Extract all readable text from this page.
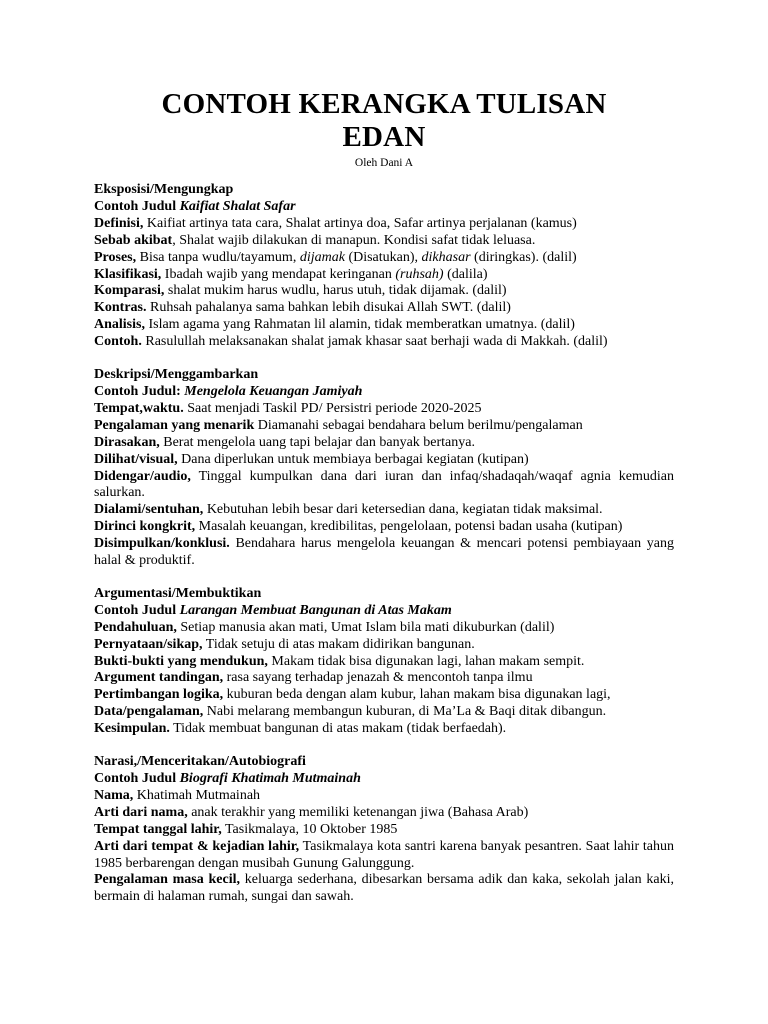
CONTOH KERANGKA TULISAN
EDAN
Oleh Dani A
Eksposisi/Mengungkap
Contoh Judul Kaifiat Shalat Safar
Definisi, Kaifiat artinya tata cara, Shalat artinya doa, Safar artinya perjalanan (kamus)
Sebab akibat, Shalat wajib dilakukan di manapun. Kondisi safat tidak leluasa.
Proses, Bisa tanpa wudlu/tayamum, dijamak (Disatukan), dikhasar (diringkas). (dalil)
Klasifikasi, Ibadah wajib yang mendapat keringanan (ruhsah) (dalila)
Komparasi, shalat mukim harus wudlu, harus utuh, tidak dijamak. (dalil)
Kontras. Ruhsah pahalanya sama bahkan lebih disukai Allah SWT. (dalil)
Analisis, Islam agama yang Rahmatan lil alamin, tidak memberatkan umatnya. (dalil)
Contoh. Rasulullah melaksanakan shalat jamak khasar saat berhaji wada di Makkah. (dalil)
Deskripsi/Menggambarkan
Contoh Judul: Mengelola Keuangan Jamiyah
Tempat,waktu. Saat menjadi Taskil PD/ Persistri periode 2020-2025
Pengalaman yang menarik Diamanahi sebagai bendahara belum berilmu/pengalaman
Dirasakan, Berat mengelola uang tapi belajar dan banyak bertanya.
Dilihat/visual, Dana diperlukan untuk membiaya berbagai kegiatan (kutipan)
Didengar/audio, Tinggal kumpulkan dana dari iuran dan infaq/shadaqah/waqaf agnia kemudian salurkan.
Dialami/sentuhan, Kebutuhan lebih besar dari ketersedian dana, kegiatan tidak maksimal.
Dirinci kongkrit, Masalah keuangan, kredibilitas, pengelolaan, potensi badan usaha (kutipan)
Disimpulkan/konklusi. Bendahara harus mengelola keuangan & mencari potensi pembiayaan yang halal & produktif.
Argumentasi/Membuktikan
Contoh Judul Larangan Membuat Bangunan di Atas Makam
Pendahuluan, Setiap manusia akan mati, Umat Islam bila mati dikuburkan (dalil)
Pernyataan/sikap, Tidak setuju di atas makam didirikan bangunan.
Bukti-bukti yang mendukun, Makam tidak bisa digunakan lagi, lahan makam sempit.
Argument tandingan, rasa sayang terhadap jenazah & mencontoh tanpa ilmu
Pertimbangan logika, kuburan beda dengan alam kubur, lahan makam bisa digunakan lagi,
Data/pengalaman, Nabi melarang membangun kuburan, di Ma’La & Baqi ditak dibangun.
Kesimpulan. Tidak membuat bangunan di atas makam (tidak berfaedah).
Narasi,/Menceritakan/Autobiografi
Contoh Judul Biografi Khatimah Mutmainah
Nama, Khatimah Mutmainah
Arti dari nama, anak terakhir yang memiliki ketenangan jiwa (Bahasa Arab)
Tempat tanggal lahir, Tasikmalaya, 10 Oktober 1985
Arti dari tempat & kejadian lahir, Tasikmalaya kota santri karena banyak pesantren. Saat lahir tahun 1985 berbarengan dengan musibah Gunung Galunggung.
Pengalaman masa kecil, keluarga sederhana, dibesarkan bersama adik dan kaka, sekolah jalan kaki, bermain di halaman rumah, sungai dan sawah.
